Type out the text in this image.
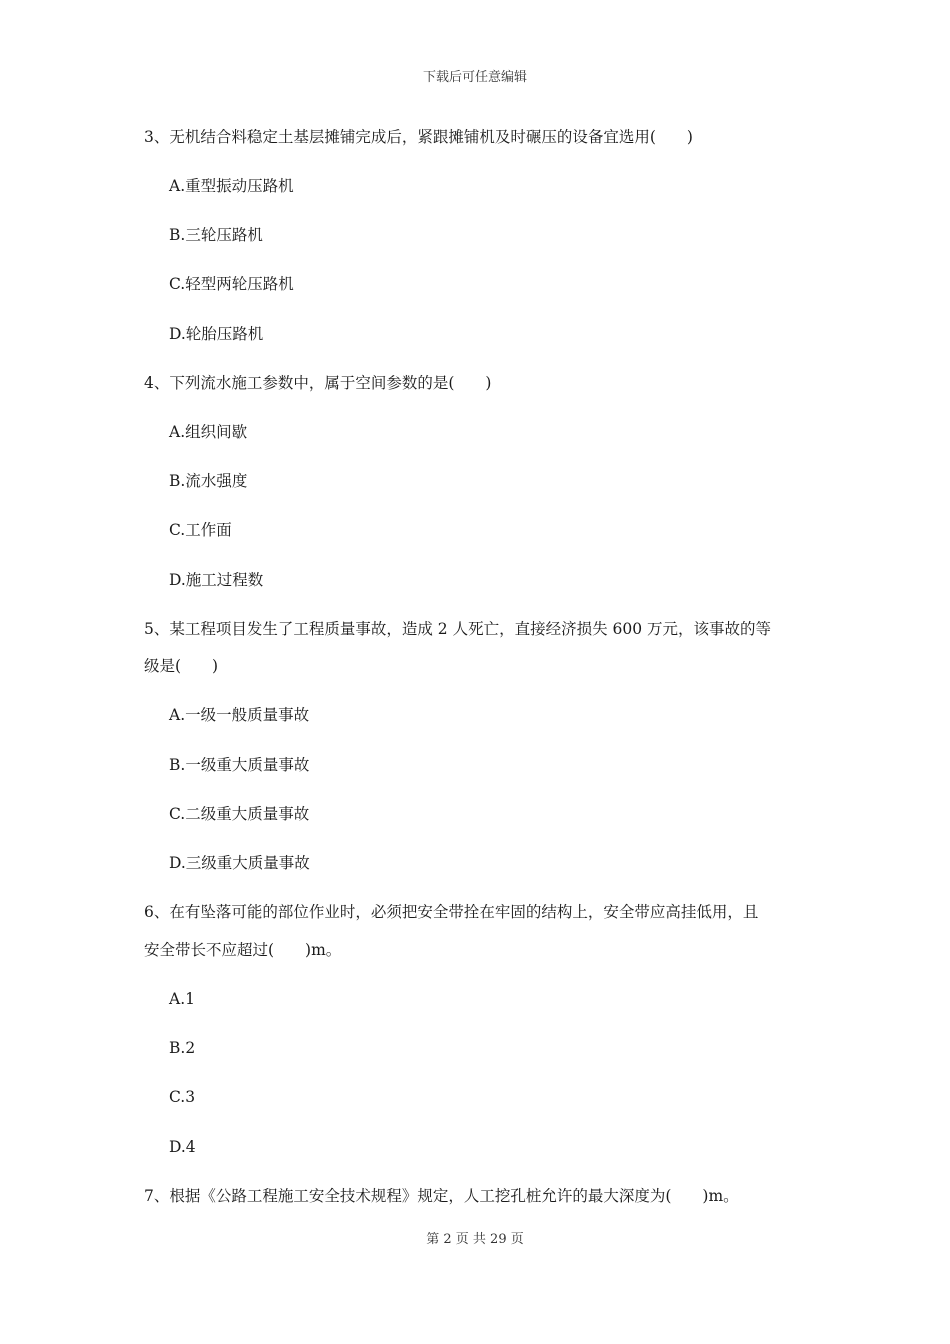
下载后可任意编辑
3、无机结合料稳定土基层摊铺完成后，紧跟摊铺机及时碾压的设备宜选用(　　)
A.重型振动压路机
B.三轮压路机
C.轻型两轮压路机
D.轮胎压路机
4、下列流水施工参数中，属于空间参数的是(　　)
A.组织间歇
B.流水强度
C.工作面
D.施工过程数
5、某工程项目发生了工程质量事故，造成 2 人死亡，直接经济损失 600 万元，该事故的等
级是(　　)
A.一级一般质量事故
B.一级重大质量事故
C.二级重大质量事故
D.三级重大质量事故
6、在有坠落可能的部位作业时，必须把安全带拴在牢固的结构上，安全带应高挂低用，且
安全带长不应超过(　　)m。
A.1
B.2
C.3
D.4
7、根据《公路工程施工安全技术规程》规定，人工挖孔桩允许的最大深度为(　　)m。
第 2 页 共 29 页
